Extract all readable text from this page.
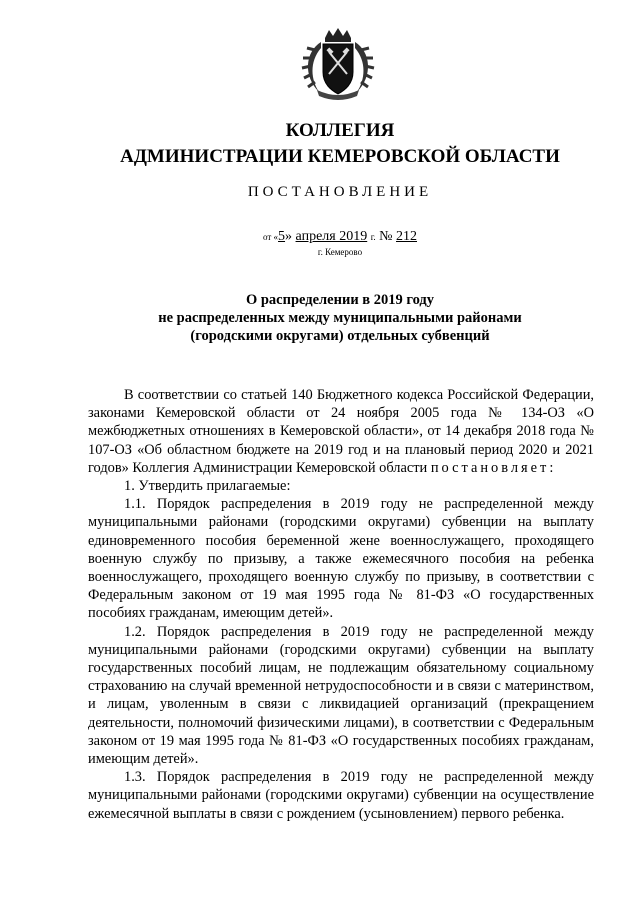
КОЛЛЕГИЯ
АДМИНИСТРАЦИИ КЕМЕРОВСКОЙ ОБЛАСТИ
ПОСТАНОВЛЕНИЕ
от «5» апреля 2019 г. № 212
г. Кемерово
О распределении в 2019 году
не распределенных между муниципальными районами
(городскими округами) отдельных субвенций

В соответствии со статьей 140 Бюджетного кодекса Российской Федерации, законами Кемеровской области от 24 ноября 2005 года № 134-ОЗ «О межбюджетных отношениях в Кемеровской области», от 14 декабря 2018 года № 107-ОЗ «Об областном бюджете на 2019 год и на плановый период 2020 и 2021 годов» Коллегия Администрации Кемеровской области постановляет:

1. Утвердить прилагаемые:

1.1. Порядок распределения в 2019 году не распределенной между муниципальными районами (городскими округами) субвенции на выплату единовременного пособия беременной жене военнослужащего, проходящего военную службу по призыву, а также ежемесячного пособия на ребенка военнослужащего, проходящего военную службу по призыву, в соответствии с Федеральным законом от 19 мая 1995 года № 81-ФЗ «О государственных пособиях гражданам, имеющим детей».

1.2. Порядок распределения в 2019 году не распределенной между муниципальными районами (городскими округами) субвенции на выплату государственных пособий лицам, не подлежащим обязательному социальному страхованию на случай временной нетрудоспособности и в связи с материнством, и лицам, уволенным в связи с ликвидацией организаций (прекращением деятельности, полномочий физическими лицами), в соответствии с Федеральным законом от 19 мая 1995 года № 81-ФЗ «О государственных пособиях гражданам, имеющим детей».

1.3. Порядок распределения в 2019 году не распределенной между муниципальными районами (городскими округами) субвенции на осуществление ежемесячной выплаты в связи с рождением (усыновлением) первого ребенка.
